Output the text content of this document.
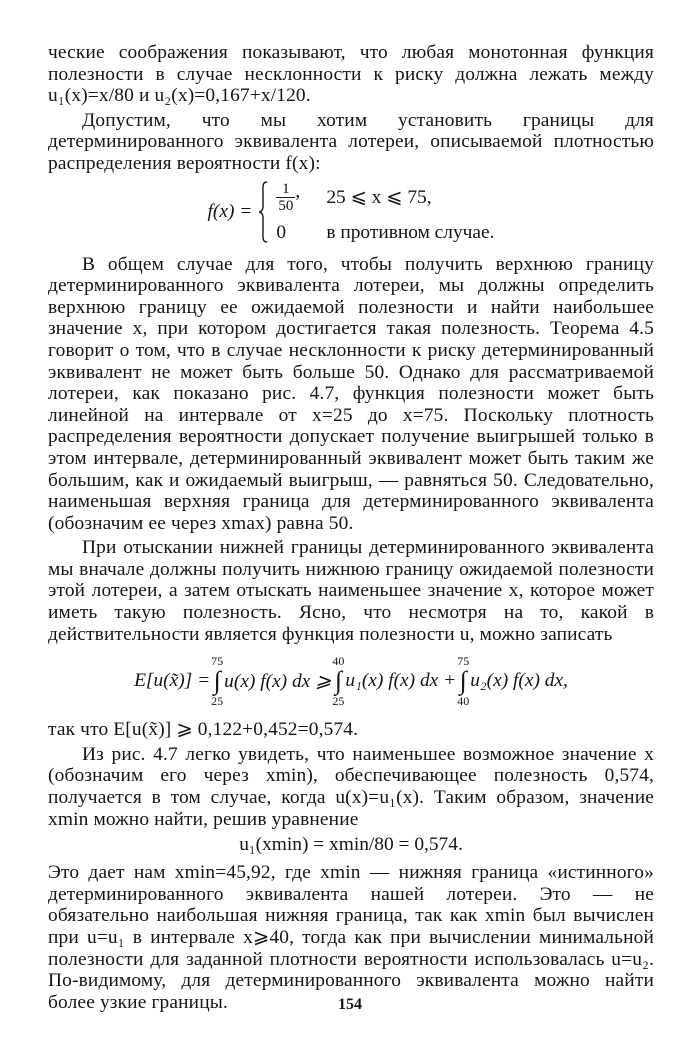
ческие соображения показывают, что любая монотонная функция полезности в случае несклонности к риску должна лежать между u₁(x)=x/80 и u₂(x)=0,167+x/120.

Допустим, что мы хотим установить границы для детерминированного эквивалента лотереи, описываемой плотностью распределения вероятности f(x):

$f(x) = \frac{1}{50}$ , 25 ⩽ x ⩽ 75,
0	в противном случае.

В общем случае для того, чтобы получить верхнюю границу детерминированного эквивалента лотереи, мы должны определить верхнюю границу ее ожидаемой полезности и найти наибольшее значение x, при котором достигается такая полезность. Теорема 4.5 говорит о том, что в случае несклонности к риску детерминированный эквивалент не может быть больше 50. Однако для рассматриваемой лотереи, как показано рис. 4.7, функция полезности может быть линейной на интервале от x=25 до x=75. Поскольку плотность распределения вероятности допускает получение выигрышей только в этом интервале, детерминированный эквивалент может быть таким же большим, как и ожидаемый выигрыш, — равняться 50. Следовательно, наименьшая верхняя граница для детерминированного эквивалента (обозначим ее через xmax) равна 50.

При отыскании нижней границы детерминированного эквивалента мы вначале должны получить нижнюю границу ожидаемой полезности этой лотереи, а затем отыскать наименьшее значение x, которое может иметь такую полезность. Ясно, что несмотря на то, какой в действительности является функция полезности u, можно записать

E[u(x̃)] =
75
∫
25
u(x) f(x) dx ⩾
40
∫
25
u₁(x) f(x) dx +
75
∫
40
u₂(x) f(x) dx,

так что E[u(x̃)] ⩾ 0,122+0,452=0,574.

Из рис. 4.7 легко увидеть, что наименьшее возможное значение x (обозначим его через xmin), обеспечивающее полезность 0,574, получается в том случае, когда u(x)=u₁(x). Таким образом, значение xmin можно найти, решив уравнение

u₁(xmin) = xmin/80 = 0,574.

Это дает нам xmin=45,92, где xmin — нижняя граница «истинного» детерминированного эквивалента нашей лотереи. Это — не обязательно наибольшая нижняя граница, так как xmin был вычислен при u=u₁ в интервале x⩾40, тогда как при вычислении минимальной полезности для заданной плотности вероятности использовалась u=u₂. По-видимому, для детерминированного эквивалента можно найти более узкие границы.	154
